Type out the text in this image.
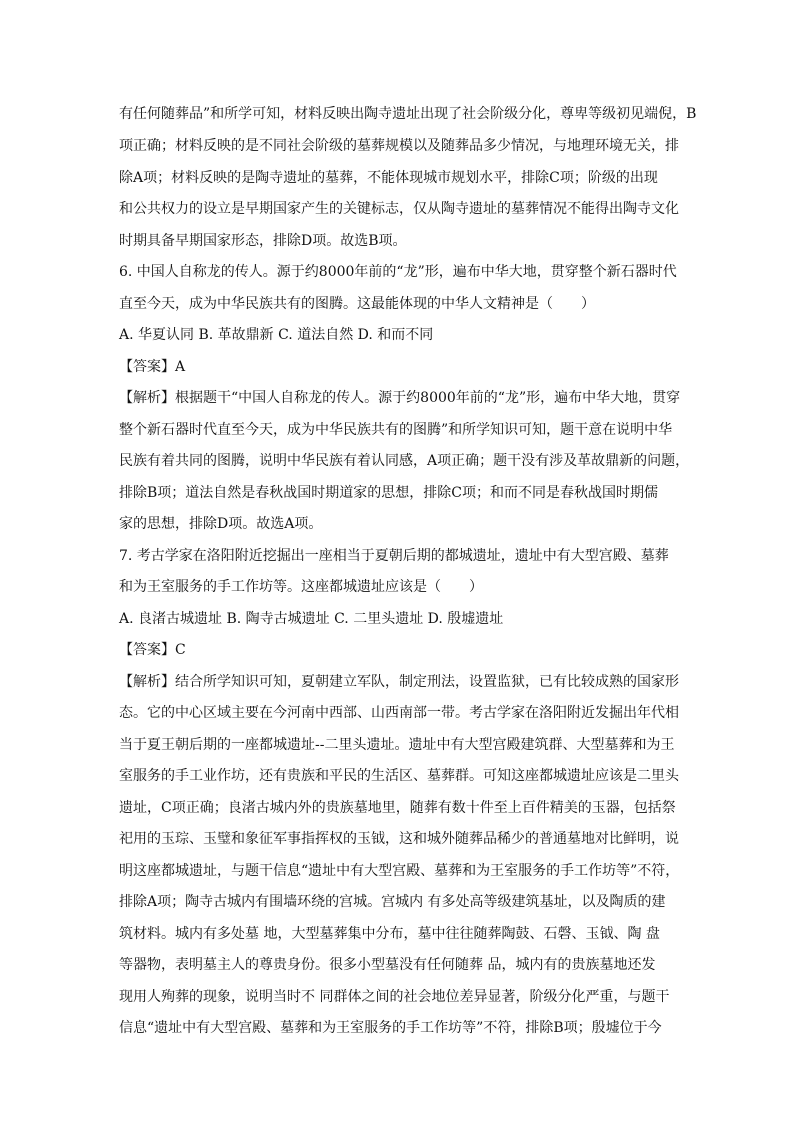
有任何随葬品”和所学可知，材料反映出陶寺遗址出现了社会阶级分化，尊卑等级初见端倪，B
项正确；材料反映的是不同社会阶级的墓葬规模以及随葬品多少情况，与地理环境无关，排
除A项；材料反映的是陶寺遗址的墓葬，不能体现城市规划水平，排除C项；阶级的出现
和公共权力的设立是早期国家产生的关键标志，仅从陶寺遗址的墓葬情况不能得出陶寺文化
时期具备早期国家形态，排除D项。故选B项。
6. 中国人自称龙的传人。源于约8000年前的“龙”形，遍布中华大地，贯穿整个新石器时代
直至今天，成为中华民族共有的图腾。这最能体现的中华人文精神是（　　）
A. 华夏认同 B. 革故鼎新 C. 道法自然 D. 和而不同
【答案】A
【解析】根据题干“中国人自称龙的传人。源于约8000年前的“龙”形，遍布中华大地，贯穿
整个新石器时代直至今天，成为中华民族共有的图腾”和所学知识可知，题干意在说明中华
民族有着共同的图腾，说明中华民族有着认同感，A项正确；题干没有涉及革故鼎新的问题，
排除B项；道法自然是春秋战国时期道家的思想，排除C项；和而不同是春秋战国时期儒
家的思想，排除D项。故选A项。
7. 考古学家在洛阳附近挖掘出一座相当于夏朝后期的都城遗址，遗址中有大型宫殿、墓葬
和为王室服务的手工作坊等。这座都城遗址应该是（　　）
A. 良渚古城遗址 B. 陶寺古城遗址 C. 二里头遗址 D. 殷墟遗址
【答案】C
【解析】结合所学知识可知，夏朝建立军队，制定刑法，设置监狱，已有比较成熟的国家形
态。它的中心区域主要在今河南中西部、山西南部一带。考古学家在洛阳附近发掘出年代相
当于夏王朝后期的一座都城遗址--二里头遗址。遗址中有大型宫殿建筑群、大型墓葬和为王
室服务的手工业作坊，还有贵族和平民的生活区、墓葬群。可知这座都城遗址应该是二里头
遗址，C项正确；良渚古城内外的贵族墓地里，随葬有数十件至上百件精美的玉器，包括祭
祀用的玉琮、玉璧和象征军事指挥权的玉钺，这和城外随葬品稀少的普通墓地对比鲜明，说
明这座都城遗址，与题干信息“遗址中有大型宫殿、墓葬和为王室服务的手工作坊等”不符，
排除A项；陶寺古城内有围墙环绕的宫城。宫城内 有多处高等级建筑基址，以及陶质的建
筑材料。城内有多处墓 地，大型墓葬集中分布，墓中往往随葬陶鼓、石磬、玉钺、陶 盘
等器物，表明墓主人的尊贵身份。很多小型墓没有任何随葬 品，城内有的贵族墓地还发
现用人殉葬的现象，说明当时不 同群体之间的社会地位差异显著，阶级分化严重，与题干
信息“遗址中有大型宫殿、墓葬和为王室服务的手工作坊等”不符，排除B项；殷墟位于今
